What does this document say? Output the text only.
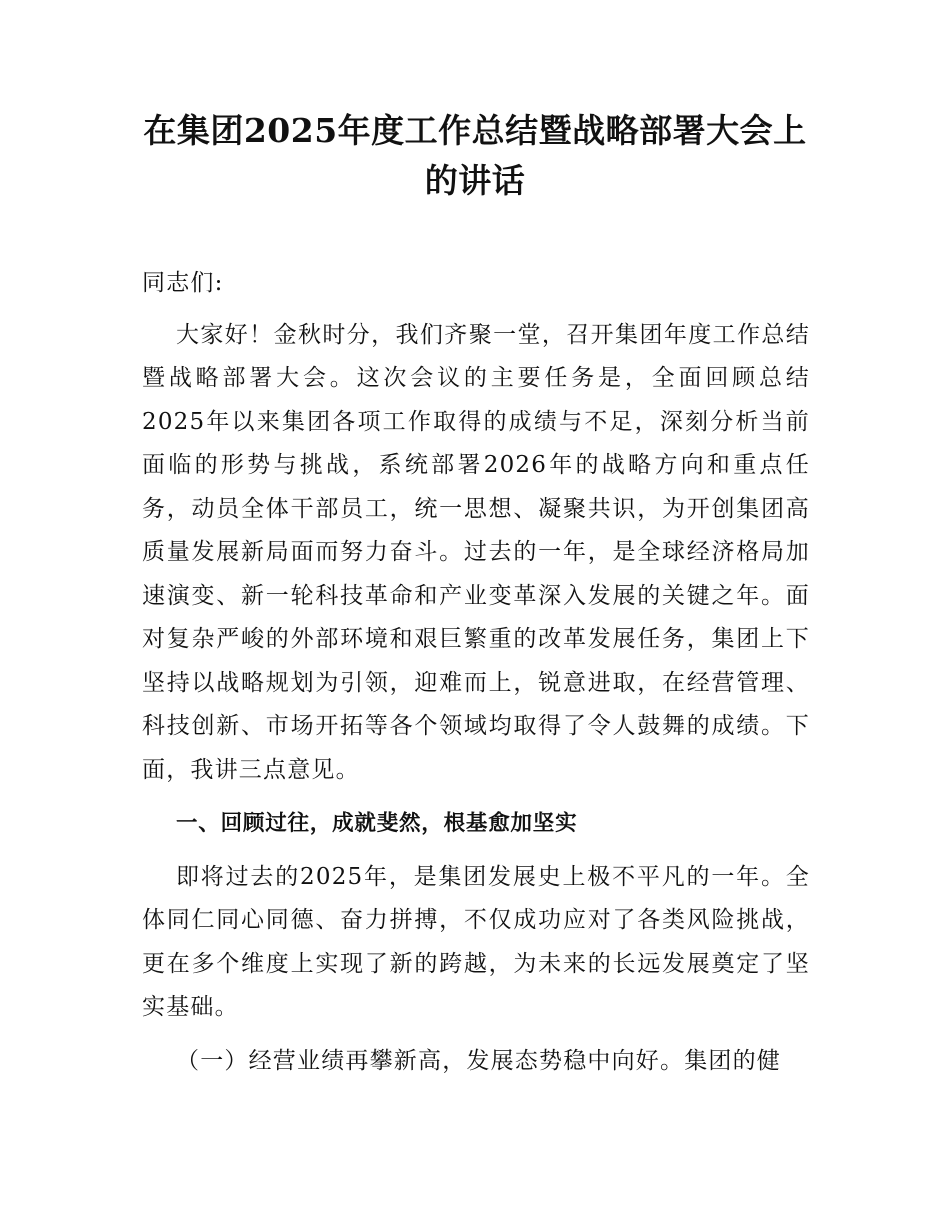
在集团2025年度工作总结暨战略部署大会上
的讲话

同志们:

大家好！金秋时分，我们齐聚一堂，召开集团年度工作总结暨战略部署大会。这次会议的主要任务是，全面回顾总结2025年以来集团各项工作取得的成绩与不足，深刻分析当前面临的形势与挑战，系统部署2026年的战略方向和重点任务，动员全体干部员工，统一思想、凝聚共识，为开创集团高质量发展新局面而努力奋斗。过去的一年，是全球经济格局加速演变、新一轮科技革命和产业变革深入发展的关键之年。面对复杂严峻的外部环境和艰巨繁重的改革发展任务，集团上下坚持以战略规划为引领，迎难而上，锐意进取，在经营管理、科技创新、市场开拓等各个领域均取得了令人鼓舞的成绩。下面，我讲三点意见。

一、回顾过往，成就斐然，根基愈加坚实

即将过去的2025年，是集团发展史上极不平凡的一年。全体同仁同心同德、奋力拼搏，不仅成功应对了各类风险挑战，更在多个维度上实现了新的跨越，为未来的长远发展奠定了坚实基础。

（一）经营业绩再攀新高，发展态势稳中向好。集团的健
